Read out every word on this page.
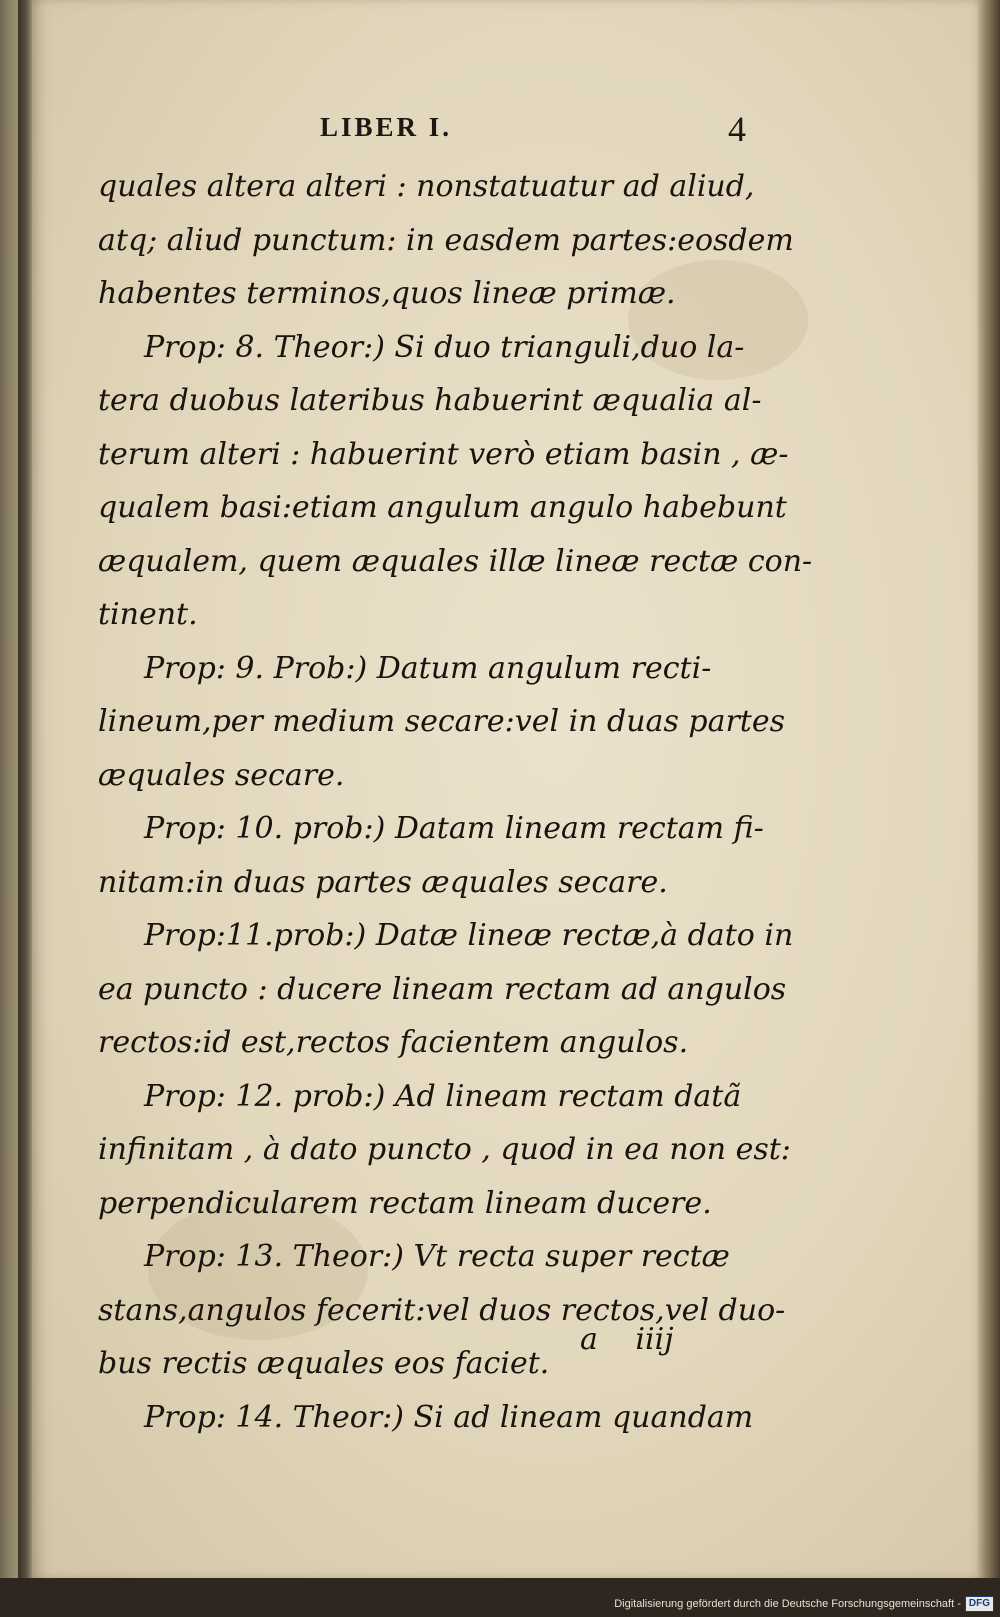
LIBER I.	4
quales altera alteri : nonstatuatur ad aliud,
atq; aliud punctum: in easdem partes:eosdem
habentes terminos,quos lineæ primæ.
Prop: 8. Theor:) Si duo trianguli,duo la-
tera duobus lateribus habuerint æqualia al-
terum alteri : habuerint verò etiam basin , æ-
qualem basi:etiam angulum angulo habebunt
æqualem, quem æquales illæ lineæ rectæ con-
tinent.
Prop: 9. Prob:) Datum angulum recti-
lineum,per medium secare:vel in duas partes
æquales secare.
Prop: 10. prob:) Datam lineam rectam fi-
nitam:in duas partes æquales secare.
Prop:11.prob:) Datæ lineæ rectæ,à dato in
ea puncto : ducere lineam rectam ad angulos
rectos:id est,rectos facientem angulos.
Prop: 12. prob:) Ad lineam rectam datã
infinitam , à dato puncto , quod in ea non est:
perpendicularem rectam lineam ducere.
Prop: 13. Theor:) Vt recta super rectæ
stans,angulos fecerit:vel duos rectos,vel duo-
bus rectis æquales eos faciet.
Prop: 14. Theor:) Si ad lineam quandam
a iiij
Digitalisierung gefördert durch die Deutsche Forschungsgemeinschaft - DFG
